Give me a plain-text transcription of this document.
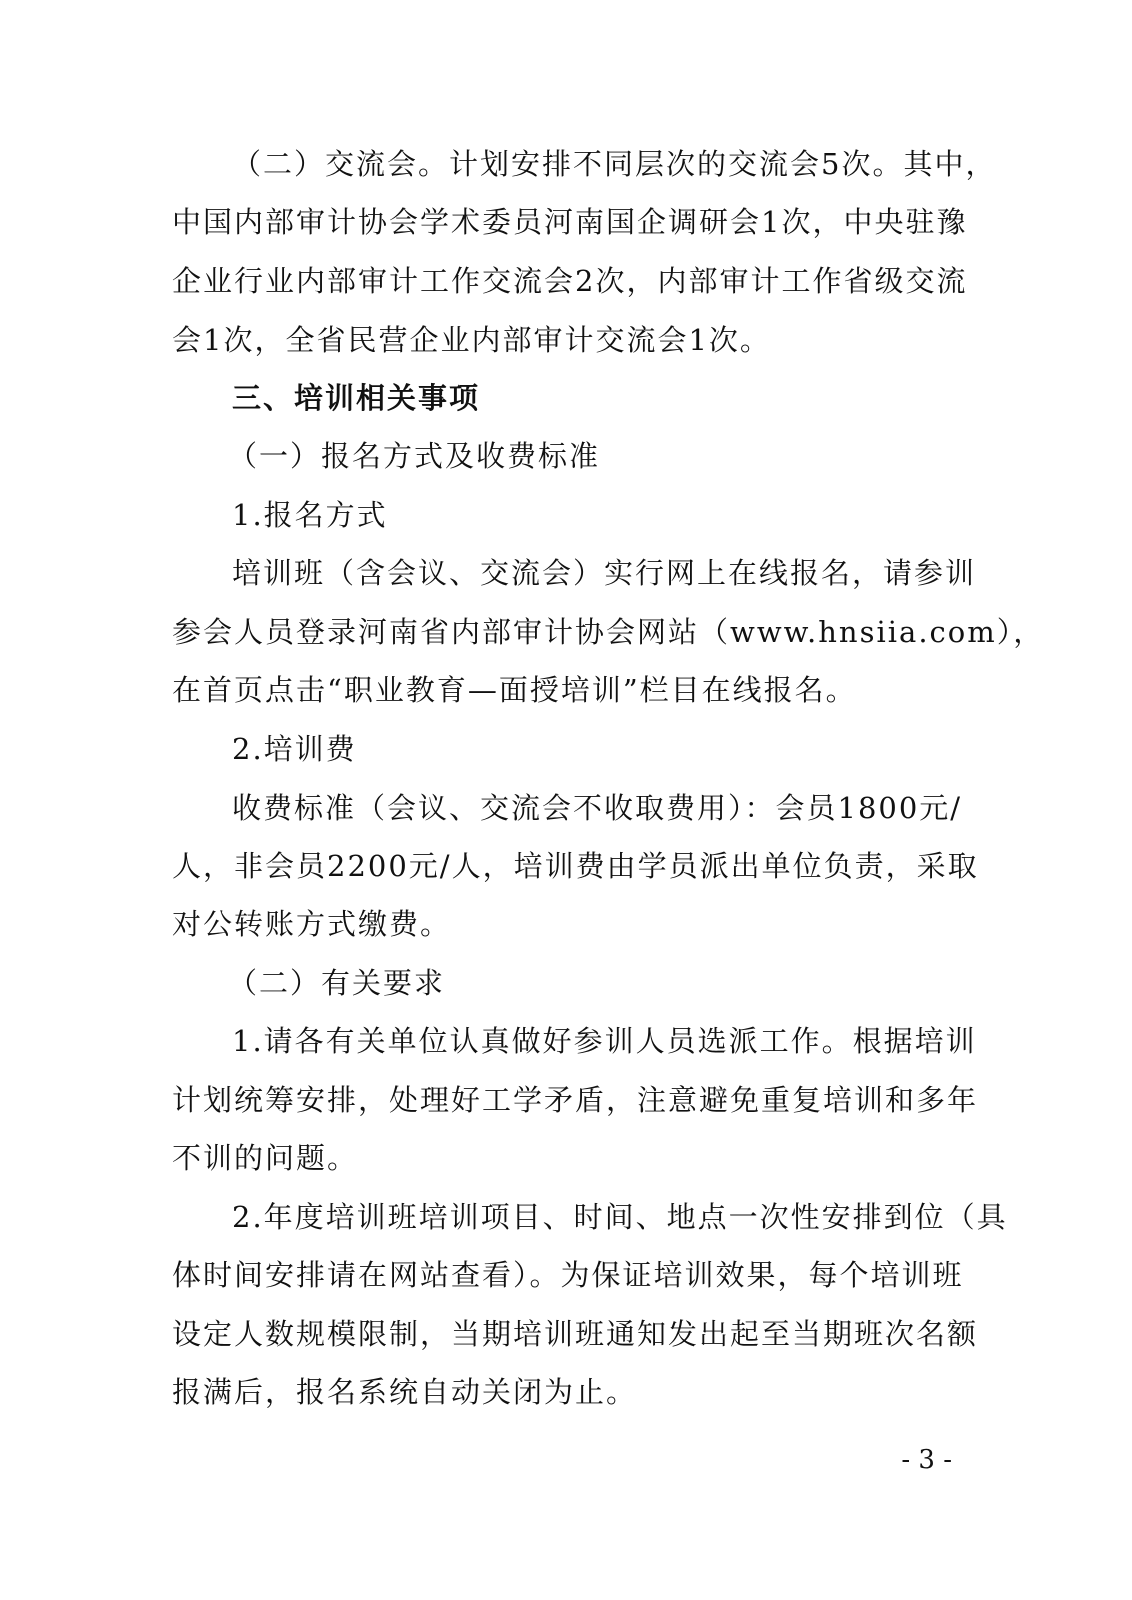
（二）交流会。计划安排不同层次的交流会5次。其中，
中国内部审计协会学术委员河南国企调研会1次，中央驻豫
企业行业内部审计工作交流会2次，内部审计工作省级交流
会1次，全省民营企业内部审计交流会1次。
三、培训相关事项
（一）报名方式及收费标准
1.报名方式
培训班（含会议、交流会）实行网上在线报名，请参训
参会人员登录河南省内部审计协会网站（www.hnsiia.com），
在首页点击“职业教育—面授培训”栏目在线报名。
2.培训费
收费标准（会议、交流会不收取费用）：会员1800元/
人，非会员2200元/人，培训费由学员派出单位负责，采取
对公转账方式缴费。
（二）有关要求
1.请各有关单位认真做好参训人员选派工作。根据培训
计划统筹安排，处理好工学矛盾，注意避免重复培训和多年
不训的问题。
2.年度培训班培训项目、时间、地点一次性安排到位（具
体时间安排请在网站查看）。为保证培训效果，每个培训班
设定人数规模限制，当期培训班通知发出起至当期班次名额
报满后，报名系统自动关闭为止。
- 3 -
